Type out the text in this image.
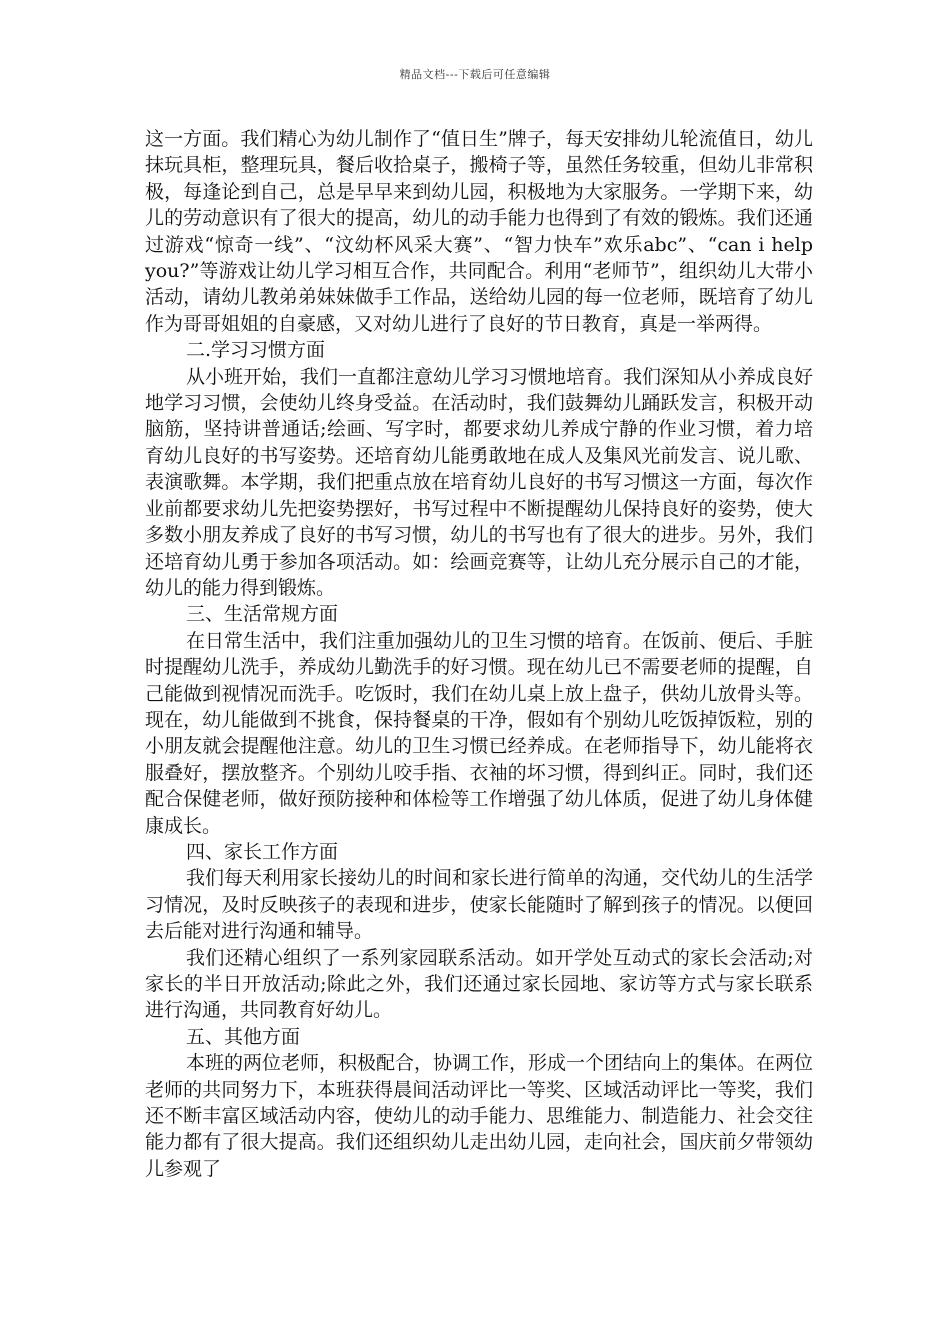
精品文档---下载后可任意编辑

这一方面。我们精心为幼儿制作了“值日生”牌子，每天安排幼儿轮流值日，幼儿抹玩具柜，整理玩具，餐后收拾桌子，搬椅子等，虽然任务较重，但幼儿非常积极，每逢论到自己，总是早早来到幼儿园，积极地为大家服务。一学期下来，幼儿的劳动意识有了很大的提高，幼儿的动手能力也得到了有效的锻炼。我们还通过游戏“惊奇一线”、“汶幼杯风采大赛”、“智力快车”欢乐abc”、“can i help you?”等游戏让幼儿学习相互合作，共同配合。利用“老师节”，组织幼儿大带小活动，请幼儿教弟弟妹妹做手工作品，送给幼儿园的每一位老师，既培育了幼儿作为哥哥姐姐的自豪感，又对幼儿进行了良好的节日教育，真是一举两得。

二.学习习惯方面

从小班开始，我们一直都注意幼儿学习习惯地培育。我们深知从小养成良好地学习习惯，会使幼儿终身受益。在活动时，我们鼓舞幼儿踊跃发言，积极开动脑筋，坚持讲普通话;绘画、写字时，都要求幼儿养成宁静的作业习惯，着力培育幼儿良好的书写姿势。还培育幼儿能勇敢地在成人及集风光前发言、说儿歌、表演歌舞。本学期，我们把重点放在培育幼儿良好的书写习惯这一方面，每次作业前都要求幼儿先把姿势摆好，书写过程中不断提醒幼儿保持良好的姿势，使大多数小朋友养成了良好的书写习惯，幼儿的书写也有了很大的进步。另外，我们还培育幼儿勇于参加各项活动。如：绘画竞赛等，让幼儿充分展示自己的才能，幼儿的能力得到锻炼。

三、生活常规方面

在日常生活中，我们注重加强幼儿的卫生习惯的培育。在饭前、便后、手脏时提醒幼儿洗手，养成幼儿勤洗手的好习惯。现在幼儿已不需要老师的提醒，自己能做到视情况而洗手。吃饭时，我们在幼儿桌上放上盘子，供幼儿放骨头等。现在，幼儿能做到不挑食，保持餐桌的干净，假如有个别幼儿吃饭掉饭粒，别的小朋友就会提醒他注意。幼儿的卫生习惯已经养成。在老师指导下，幼儿能将衣服叠好，摆放整齐。个别幼儿咬手指、衣袖的坏习惯，得到纠正。同时，我们还配合保健老师，做好预防接种和体检等工作增强了幼儿体质，促进了幼儿身体健康成长。

四、家长工作方面

我们每天利用家长接幼儿的时间和家长进行简单的沟通，交代幼儿的生活学习情况，及时反映孩子的表现和进步，使家长能随时了解到孩子的情况。以便回去后能对进行沟通和辅导。

我们还精心组织了一系列家园联系活动。如开学处互动式的家长会活动;对家长的半日开放活动;除此之外，我们还通过家长园地、家访等方式与家长联系进行沟通，共同教育好幼儿。

五、其他方面

本班的两位老师，积极配合，协调工作，形成一个团结向上的集体。在两位老师的共同努力下，本班获得晨间活动评比一等奖、区域活动评比一等奖，我们还不断丰富区域活动内容，使幼儿的动手能力、思维能力、制造能力、社会交往能力都有了很大提高。我们还组织幼儿走出幼儿园，走向社会，国庆前夕带领幼儿参观了
